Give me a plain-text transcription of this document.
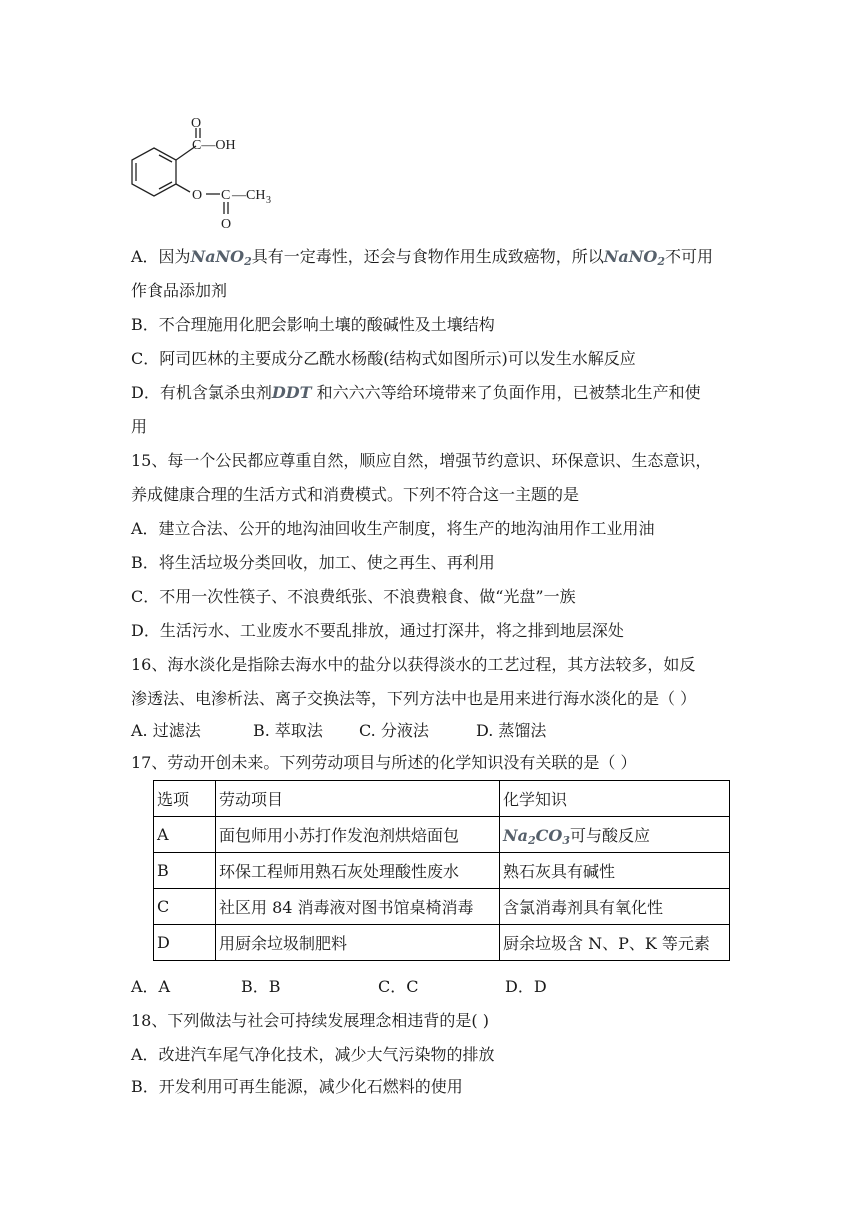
O
C—OH
O C —CH 3
O
A．因为NaNO$_2$具有一定毒性，还会与食物作用生成致癌物，所以NaNO$_2$不可用
作食品添加剂
B．不合理施用化肥会影响土壤的酸碱性及土壤结构
C．阿司匹林的主要成分乙酰水杨酸(结构式如图所示)可以发生水解反应
D．有机含氯杀虫剂DDT 和六六六等给环境带来了负面作用，已被禁北生产和使
用
15、每一个公民都应尊重自然，顺应自然，增强节约意识、环保意识、生态意识，
养成健康合理的生活方式和消费模式。下列不符合这一主题的是
A．建立合法、公开的地沟油回收生产制度，将生产的地沟油用作工业用油
B．将生活垃圾分类回收，加工、使之再生、再利用
C．不用一次性筷子、不浪费纸张、不浪费粮食、做“光盘”一族
D．生活污水、工业废水不要乱排放，通过打深井，将之排到地层深处
16、海水淡化是指除去海水中的盐分以获得淡水的工艺过程，其方法较多，如反
渗透法、电渗析法、离子交换法等，下列方法中也是用来进行海水淡化的是（ ）
A. 过滤法	B. 萃取法 C. 分液法	D. 蒸馏法
17、劳动开创未来。下列劳动项目与所述的化学知识没有关联的是（ ）
选项	劳动项目	化学知识
A	面包师用小苏打作发泡剂烘焙面包	$Na_2CO_3$可与酸反应
B	环保工程师用熟石灰处理酸性废水	熟石灰具有碱性
C	社区用 84 消毒液对图书馆桌椅消毒	含氯消毒剂具有氧化性
D	用厨余垃圾制肥料	厨余垃圾含 N、P、K 等元素
A．A	B．B	C．C	D．D
18、下列做法与社会可持续发展理念相违背的是( )
A．改进汽车尾气净化技术，减少大气污染物的排放
B．开发利用可再生能源，减少化石燃料的使用
